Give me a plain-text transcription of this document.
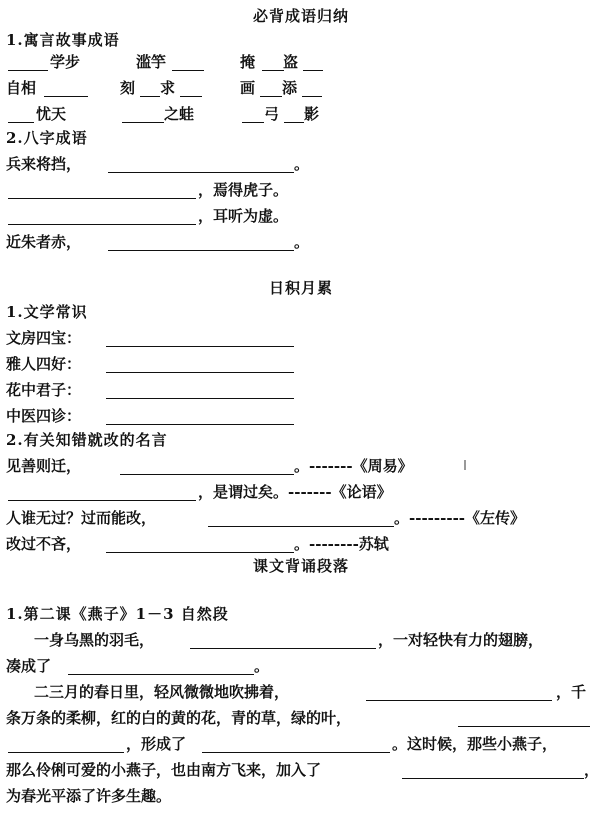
必背成语归纳
1.寓言故事成语
学步	滥竽	掩 盗
自相	刻 求	画 添
忧天	之蛙	弓 影
2.八字成语
兵来将挡，	。
，焉得虎子。
，耳听为虚。
近朱者赤，	。
日积月累
1.文学常识
文房四宝：
雅人四好：
花中君子：
中医四诊：
2.有关知错就改的名言
见善则迁，	。-------《周易》
，是谓过矣。-------《论语》
人谁无过？过而能改，	。---------《左传》
改过不吝，	。--------苏轼
课文背诵段落
1.第二课《燕子》1－3 自然段
一身乌黑的羽毛，	，一对轻快有力的翅膀，
凑成了	。
二三月的春日里，轻风微微地吹拂着，	，千
条万条的柔柳，红的白的黄的花，青的草，绿的叶，
，形成了	。这时候，那些小燕子，
那么伶俐可爱的小燕子，也由南方飞来，加入了	，
为春光平添了许多生趣。
